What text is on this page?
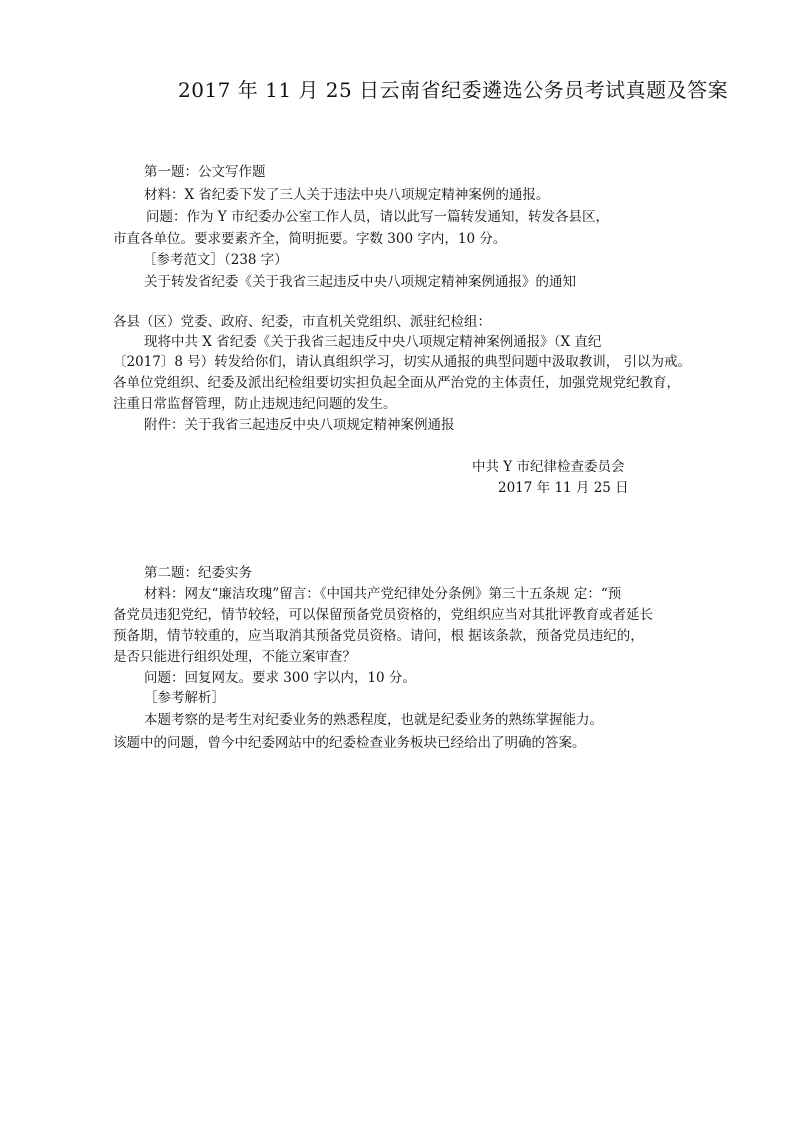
2017 年 11 月 25 日云南省纪委遴选公务员考试真题及答案
第一题：公文写作题
材料：X 省纪委下发了三人关于违法中央八项规定精神案例的通报。
问题：作为 Y 市纪委办公室工作人员，请以此写一篇转发通知，转发各县区，
市直各单位。要求要素齐全，简明扼要。字数 300 字内，10 分。
［参考范文］（238 字）
关于转发省纪委《关于我省三起违反中央八项规定精神案例通报》的通知
各县（区）党委、政府、纪委，市直机关党组织、派驻纪检组：
现将中共 X 省纪委《关于我省三起违反中央八项规定精神案例通报》（X 直纪
〔2017〕8 号）转发给你们，请认真组织学习，切实从通报的典型问题中汲取教训， 引以为戒。
各单位党组织、纪委及派出纪检组要切实担负起全面从严治党的主体责任，加强党规党纪教育，
注重日常监督管理，防止违规违纪问题的发生。
附件：关于我省三起违反中央八项规定精神案例通报
中共 Y 市纪律检查委员会
2017 年 11 月 25 日
第二题：纪委实务
材料：网友“廉洁玫瑰”留言：《中国共产党纪律处分条例》第三十五条规 定：“预
备党员违犯党纪，情节较轻，可以保留预备党员资格的，党组织应当对其批评教育或者延长
预备期，情节较重的，应当取消其预备党员资格。请问，根 据该条款，预备党员违纪的，
是否只能进行组织处理，不能立案审查？
问题：回复网友。要求 300 字以内，10 分。
［参考解析］
本题考察的是考生对纪委业务的熟悉程度，也就是纪委业务的熟练掌握能力。
该题中的问题，曾今中纪委网站中的纪委检查业务板块已经给出了明确的答案。
